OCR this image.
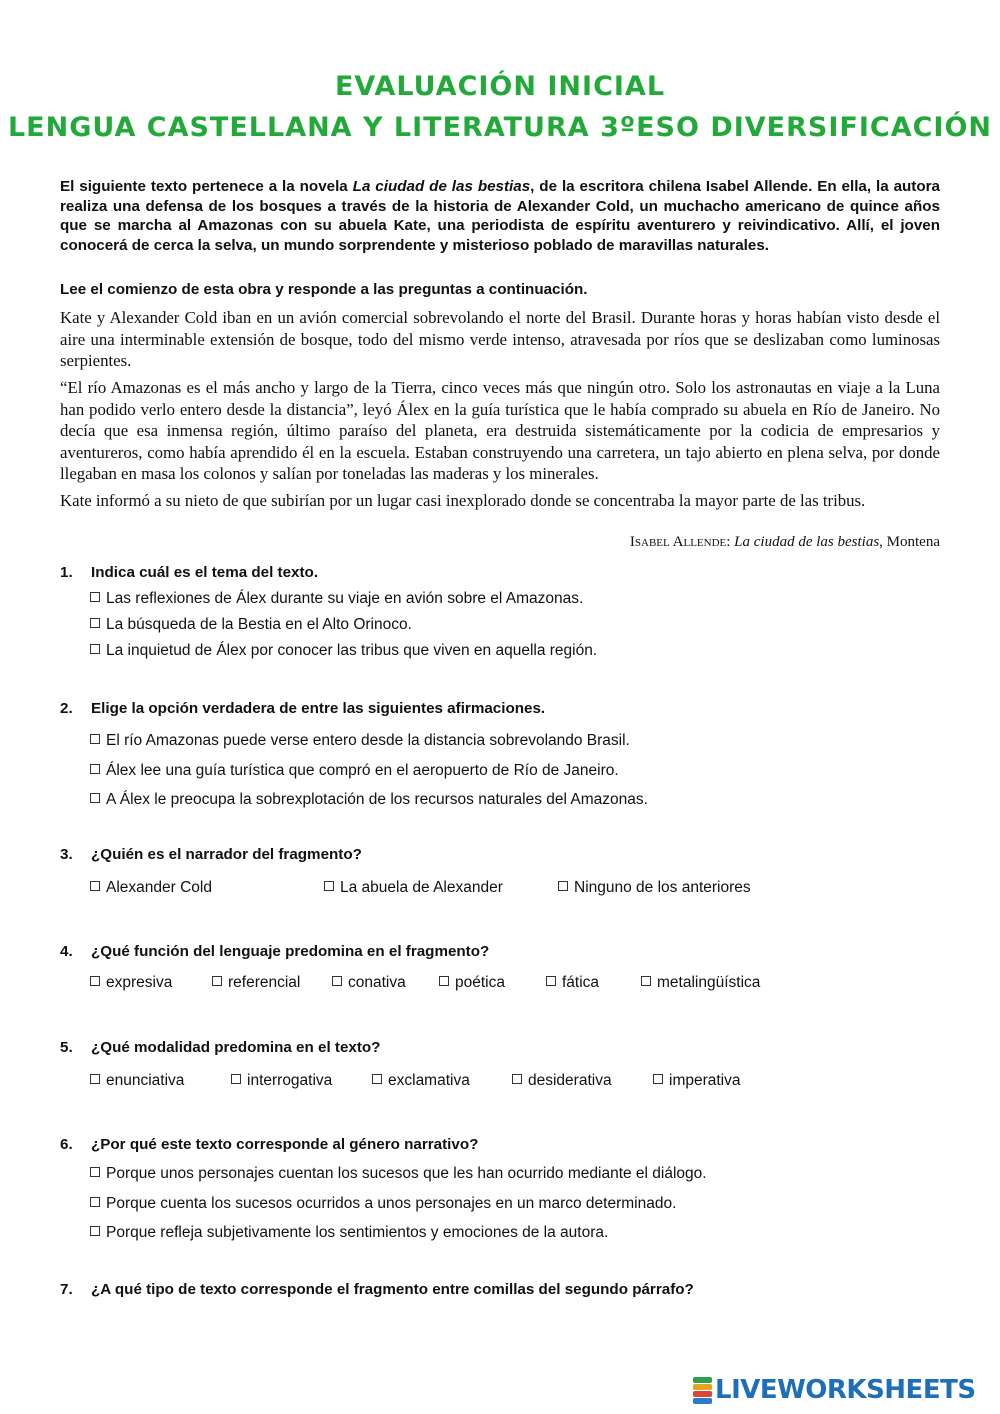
EVALUACIÓN INICIAL
LENGUA CASTELLANA Y LITERATURA 3ºESO DIVERSIFICACIÓN

El siguiente texto pertenece a la novela La ciudad de las bestias, de la escritora chilena Isabel Allende. En ella, la autora realiza una defensa de los bosques a través de la historia de Alexander Cold, un muchacho americano de quince años que se marcha al Amazonas con su abuela Kate, una periodista de espíritu aventurero y reivindicativo. Allí, el joven conocerá de cerca la selva, un mundo sorprendente y misterioso poblado de maravillas naturales.

Lee el comienzo de esta obra y responde a las preguntas a continuación.

Kate y Alexander Cold iban en un avión comercial sobrevolando el norte del Brasil. Durante horas y horas habían visto desde el aire una interminable extensión de bosque, todo del mismo verde intenso, atravesada por ríos que se deslizaban como luminosas serpientes.

“El río Amazonas es el más ancho y largo de la Tierra, cinco veces más que ningún otro. Solo los astronautas en viaje a la Luna han podido verlo entero desde la distancia”, leyó Álex en la guía turística que le había comprado su abuela en Río de Janeiro. No decía que esa inmensa región, último paraíso del planeta, era destruida sistemáticamente por la codicia de empresarios y aventureros, como había aprendido él en la escuela. Estaban construyendo una carretera, un tajo abierto en plena selva, por donde llegaban en masa los colonos y salían por toneladas las maderas y los minerales.

Kate informó a su nieto de que subirían por un lugar casi inexplorado donde se concentraba la mayor parte de las tribus.

Isabel Allende: La ciudad de las bestias, Montena

1. Indica cuál es el tema del texto.

Las reflexiones de Álex durante su viaje en avión sobre el Amazonas.
La búsqueda de la Bestia en el Alto Orinoco.
La inquietud de Álex por conocer las tribus que viven en aquella región.

2. Elige la opción verdadera de entre las siguientes afirmaciones.

El río Amazonas puede verse entero desde la distancia sobrevolando Brasil.
Álex lee una guía turística que compró en el aeropuerto de Río de Janeiro.
A Álex le preocupa la sobrexplotación de los recursos naturales del Amazonas.

3. ¿Quién es el narrador del fragmento?

Alexander Cold	La abuela de Alexander	Ninguno de los anteriores

4. ¿Qué función del lenguaje predomina en el fragmento?

expresiva	referencial	conativa	poética	fática	metalingüística

5. ¿Qué modalidad predomina en el texto?

enunciativa	interrogativa	exclamativa	desiderativa	imperativa

6. ¿Por qué este texto corresponde al género narrativo?

Porque unos personajes cuentan los sucesos que les han ocurrido mediante el diálogo.
Porque cuenta los sucesos ocurridos a unos personajes en un marco determinado.
Porque refleja subjetivamente los sentimientos y emociones de la autora.

7. ¿A qué tipo de texto corresponde el fragmento entre comillas del segundo párrafo?

LIVEWORKSHEETS
